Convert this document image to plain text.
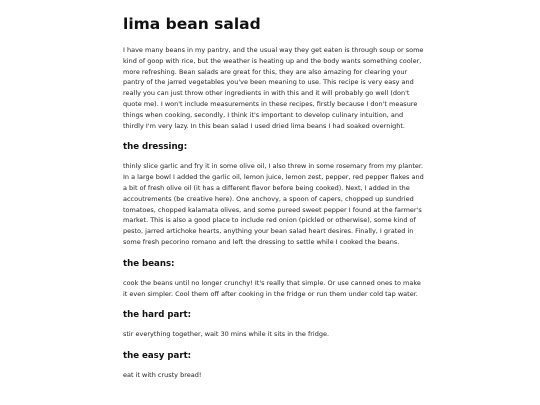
lima bean salad

I have many beans in my pantry, and the usual way they get eaten is through soup or some kind of goop with rice, but the weather is heating up and the body wants something cooler, more refreshing. Bean salads are great for this, they are also amazing for clearing your pantry of the jarred vegetables you've been meaning to use. This recipe is very easy and really you can just throw other ingredients in with this and it will probably go well (don't quote me). I won't include measurements in these recipes, firstly because I don't measure things when cooking, secondly, I think it's important to develop culinary intuition, and thirdly I'm very lazy. In this bean salad I used dried lima beans I had soaked overnight.

the dressing:

thinly slice garlic and fry it in some olive oil, I also threw in some rosemary from my planter. In a large bowl I added the garlic oil, lemon juice, lemon zest, pepper, red pepper flakes and a bit of fresh olive oil (it has a different flavor before being cooked). Next, I added in the accoutrements (be creative here). One anchovy, a spoon of capers, chopped up sundried tomatoes, chopped kalamata olives, and some pureed sweet pepper I found at the farmer's market. This is also a good place to include red onion (pickled or otherwise), some kind of pesto, jarred artichoke hearts, anything your bean salad heart desires. Finally, I grated in some fresh pecorino romano and left the dressing to settle while I cooked the beans.

the beans:

cook the beans until no longer crunchy! It's really that simple. Or use canned ones to make it even simpler. Cool them off after cooking in the fridge or run them under cold tap water.

the hard part:

stir everything together, wait 30 mins while it sits in the fridge.

the easy part:

eat it with crusty bread!
